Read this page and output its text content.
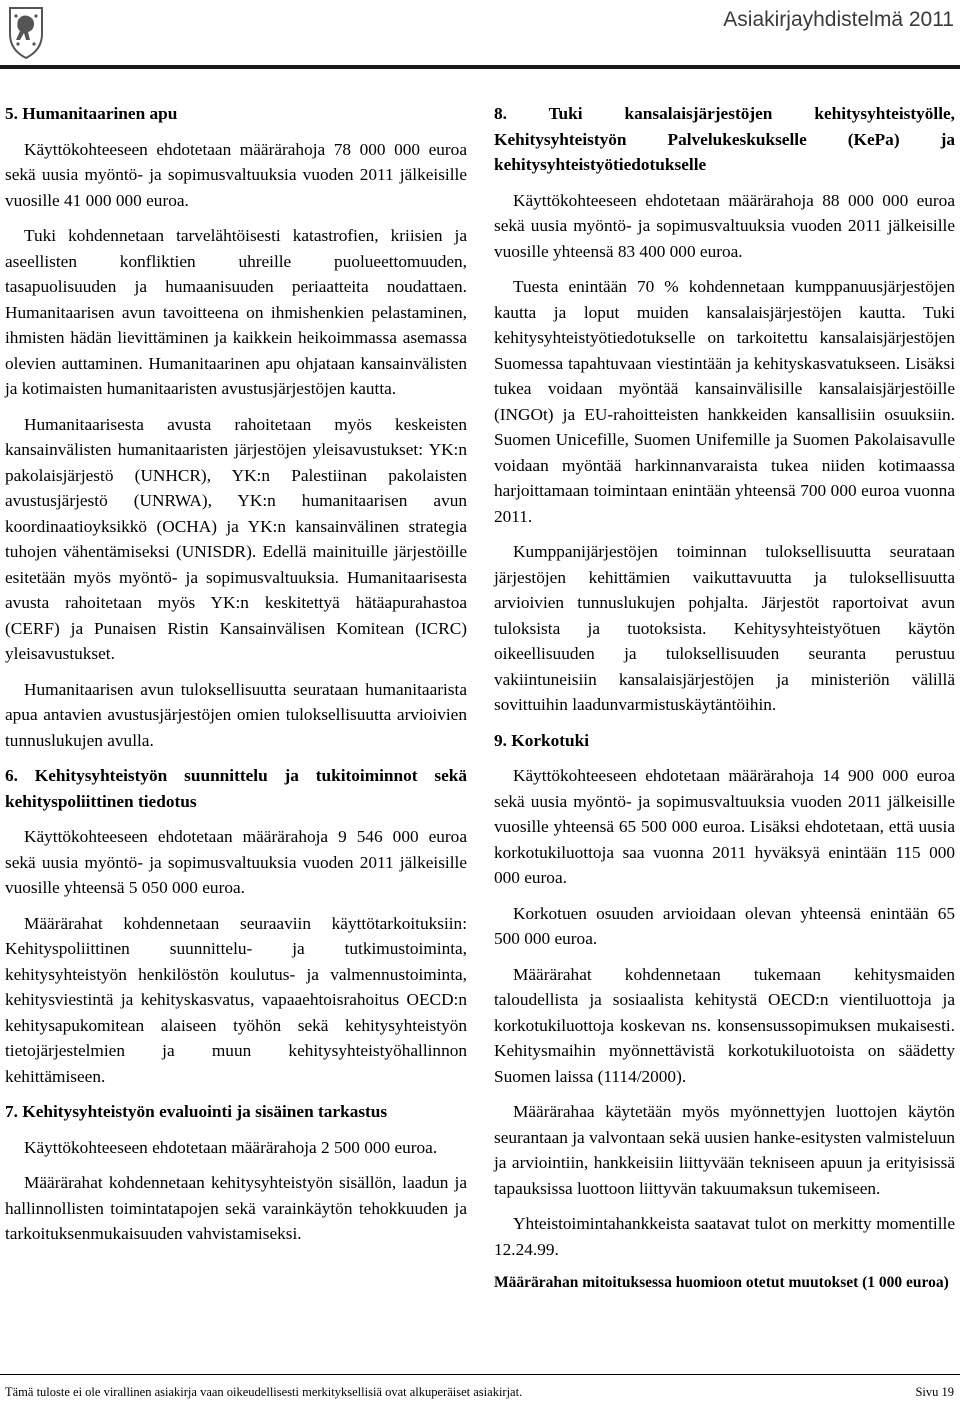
Asiakirjayhdistelmä 2011
5. Humanitaarinen apu

Käyttökohteeseen ehdotetaan määrärahoja 78 000 000 euroa sekä uusia myöntö- ja sopimusvaltuuksia vuoden 2011 jälkeisille vuosille 41 000 000 euroa.

Tuki kohdennetaan tarvelähtöisesti katastrofien, kriisien ja aseellisten konfliktien uhreille puolueettomuuden, tasapuolisuuden ja humaanisuuden periaatteita noudattaen. Humanitaarisen avun tavoitteena on ihmishenkien pelastaminen, ihmisten hädän lievittäminen ja kaikkein heikoimmassa asemassa olevien auttaminen. Humanitaarinen apu ohjataan kansainvälisten ja kotimaisten humanitaaristen avustusjärjestöjen kautta.

Humanitaarisesta avusta rahoitetaan myös keskeisten kansainvälisten humanitaaristen järjestöjen yleisavustukset: YK:n pakolaisjärjestö (UNHCR), YK:n Palestiinan pakolaisten avustusjärjestö (UNRWA), YK:n humanitaarisen avun koordinaatioyksikkö (OCHA) ja YK:n kansainvälinen strategia tuhojen vähentämiseksi (UNISDR). Edellä mainituille järjestöille esitetään myös myöntö- ja sopimusvaltuuksia. Humanitaarisesta avusta rahoitetaan myös YK:n keskitettyä hätäapurahastoa (CERF) ja Punaisen Ristin Kansainvälisen Komitean (ICRC) yleisavustukset.

Humanitaarisen avun tuloksellisuutta seurataan humanitaarista apua antavien avustusjärjestöjen omien tuloksellisuutta arvioivien tunnuslukujen avulla.

6. Kehitysyhteistyön suunnittelu ja tukitoiminnot sekä kehityspoliittinen tiedotus

Käyttökohteeseen ehdotetaan määrärahoja 9 546 000 euroa sekä uusia myöntö- ja sopimusvaltuuksia vuoden 2011 jälkeisille vuosille yhteensä 5 050 000 euroa.

Määrärahat kohdennetaan seuraaviin käyttötarkoituksiin: Kehityspoliittinen suunnittelu- ja tutkimustoiminta, kehitysyhteistyön henkilöstön koulutus- ja valmennustoiminta, kehitysviestintä ja kehityskasvatus, vapaaehtoisrahoitus OECD:n kehitysapukomitean alaiseen työhön sekä kehitysyhteistyön tietojärjestelmien ja muun kehitysyhteistyöhallinnon kehittämiseen.

7. Kehitysyhteistyön evaluointi ja sisäinen tarkastus

Käyttökohteeseen ehdotetaan määrärahoja 2 500 000 euroa.

Määrärahat kohdennetaan kehitysyhteistyön sisällön, laadun ja hallinnollisten toimintatapojen sekä varainkäytön tehokkuuden ja tarkoituksenmukaisuuden vahvistamiseksi.

8. Tuki kansalaisjärjestöjen kehitysyhteistyölle, Kehitysyhteistyön Palvelukeskukselle (KePa) ja kehitysyhteistyötiedotukselle

Käyttökohteeseen ehdotetaan määrärahoja 88 000 000 euroa sekä uusia myöntö- ja sopimusvaltuuksia vuoden 2011 jälkeisille vuosille yhteensä 83 400 000 euroa.

Tuesta enintään 70 % kohdennetaan kumppanuusjärjestöjen kautta ja loput muiden kansalaisjärjestöjen kautta. Tuki kehitysyhteistyötiedotukselle on tarkoitettu kansalaisjärjestöjen Suomessa tapahtuvaan viestintään ja kehityskasvatukseen. Lisäksi tukea voidaan myöntää kansainvälisille kansalaisjärjestöille (INGOt) ja EU-rahoitteisten hankkeiden kansallisiin osuuksiin. Suomen Unicefille, Suomen Unifemille ja Suomen Pakolaisavulle voidaan myöntää harkinnanvaraista tukea niiden kotimaassa harjoittamaan toimintaan enintään yhteensä 700 000 euroa vuonna 2011.

Kumppanijärjestöjen toiminnan tuloksellisuutta seurataan järjestöjen kehittämien vaikuttavuutta ja tuloksellisuutta arvioivien tunnuslukujen pohjalta. Järjestöt raportoivat avun tuloksista ja tuotoksista. Kehitysyhteistyötuen käytön oikeellisuuden ja tuloksellisuuden seuranta perustuu vakiintuneisiin kansalaisjärjestöjen ja ministeriön välillä sovittuihin laadunvarmistuskäytäntöihin.

9. Korkotuki

Käyttökohteeseen ehdotetaan määrärahoja 14 900 000 euroa sekä uusia myöntö- ja sopimusvaltuuksia vuoden 2011 jälkeisille vuosille yhteensä 65 500 000 euroa. Lisäksi ehdotetaan, että uusia korkotukiluottoja saa vuonna 2011 hyväksyä enintään 115 000 000 euroa.

Korkotuen osuuden arvioidaan olevan yhteensä enintään 65 500 000 euroa.

Määrärahat kohdennetaan tukemaan kehitysmaiden taloudellista ja sosiaalista kehitystä OECD:n vientiluottoja ja korkotukiluottoja koskevan ns. konsensussopimuksen mukaisesti. Kehitysmaihin myönnettävistä korkotukiluotoista on säädetty Suomen laissa (1114/2000).

Määrärahaa käytetään myös myönnettyjen luottojen käytön seurantaan ja valvontaan sekä uusien hanke-esitysten valmisteluun ja arviointiin, hankkeisiin liittyvään tekniseen apuun ja erityisissä tapauksissa luottoon liittyvän takuumaksun tukemiseen.

Yhteistoimintahankkeista saatavat tulot on merkitty momentille 12.24.99.

Määrärahan mitoituksessa huomioon otetut muutokset (1 000 euroa)
Tämä tuloste ei ole virallinen asiakirja vaan oikeudellisesti merkityksellisiä ovat alkuperäiset asiakirjat.	Sivu 19
